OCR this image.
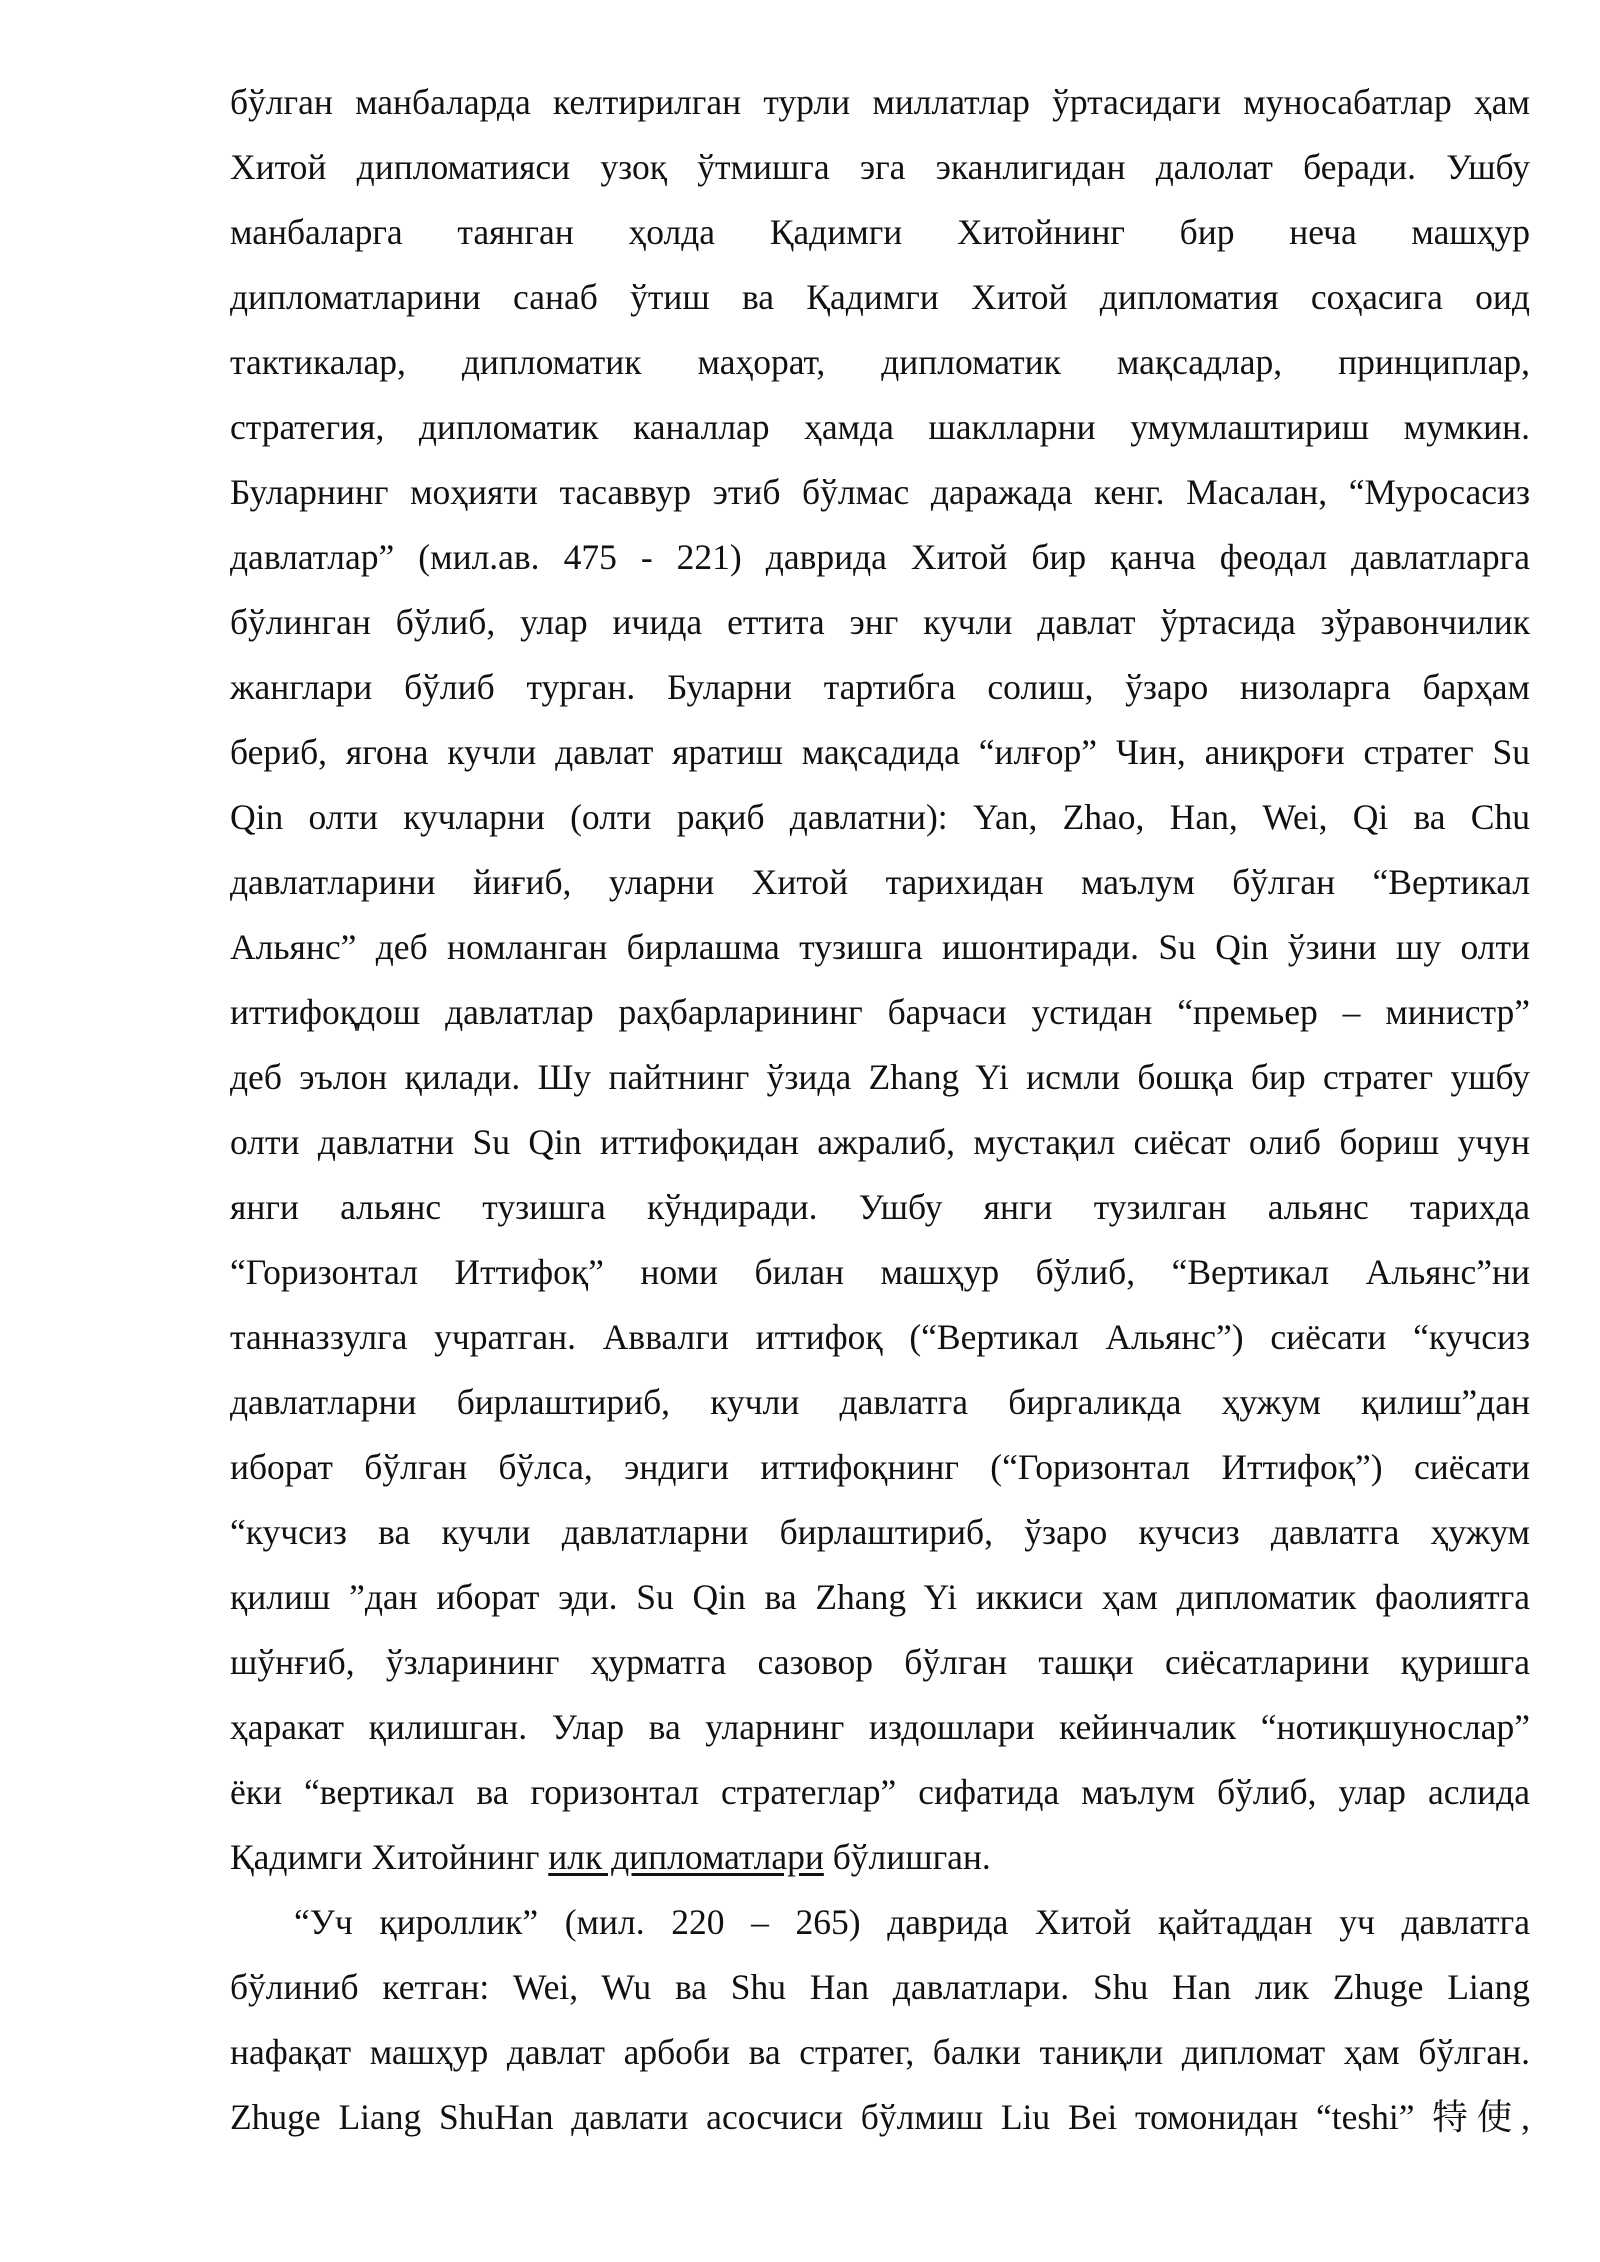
бўлган манбаларда келтирилган турли миллатлар ўртасидаги муносабатлар ҳам
Хитой дипломатияси узоқ ўтмишга эга эканлигидан далолат беради. Ушбу
манбаларга таянган ҳолда Қадимги Хитойнинг бир неча машҳур
дипломатларини санаб ўтиш ва Қадимги Хитой дипломатия соҳасига оид
тактикалар, дипломатик маҳорат, дипломатик мақсадлар, принциплар,
стратегия, дипломатик каналлар ҳамда шаклларни умумлаштириш мумкин.
Буларнинг моҳияти тасаввур этиб бўлмас даражада кенг. Масалан, “Муросасиз
давлатлар” (мил.ав. 475 - 221) даврида Хитой бир қанча феодал давлатларга
бўлинган бўлиб, улар ичида еттита энг кучли давлат ўртасида зўравончилик
жанглари бўлиб турган. Буларни тартибга солиш, ўзаро низоларга барҳам
бериб, ягона кучли давлат яратиш мақсадида “илғор” Чин, аниқроғи стратег Su
Qin олти кучларни (олти рақиб давлатни): Yan, Zhao, Han, Wei, Qi ва Chu
давлатларини йиғиб, уларни Хитой тарихидан маълум бўлган “Вертикал
Альянс” деб номланган бирлашма тузишга ишонтиради. Su Qin ўзини шу олти
иттифоқдош давлатлар раҳбарларининг барчаси устидан “премьер – министр”
деб эълон қилади. Шу пайтнинг ўзида Zhang Yi исмли бошқа бир стратег ушбу
олти давлатни Su Qin иттифоқидан ажралиб, мустақил сиёсат олиб бориш учун
янги альянс тузишга кўндиради. Ушбу янги тузилган альянс тарихда
“Горизонтал Иттифоқ” номи билан машҳур бўлиб, “Вертикал Альянс”ни
танназзулга учратган. Аввалги иттифоқ (“Вертикал Альянс”) сиёсати “кучсиз
давлатларни бирлаштириб, кучли давлатга биргаликда ҳужум қилиш”дан
иборат бўлган бўлса, эндиги иттифоқнинг (“Горизонтал Иттифоқ”) сиёсати
“кучсиз ва кучли давлатларни бирлаштириб, ўзаро кучсиз давлатга ҳужум
қилиш ”дан иборат эди. Su Qin ва Zhang Yi иккиси ҳам дипломатик фаолиятга
шўнғиб, ўзларининг ҳурматга сазовор бўлган ташқи сиёсатларини қуришга
ҳаракат қилишган. Улар ва уларнинг издошлари кейинчалик “нотиқшунослар”
ёки “вертикал ва горизонтал стратеглар” сифатида маълум бўлиб, улар аслида
Қадимги Хитойнинг илк дипломатлари бўлишган.
“Уч қироллик” (мил. 220 – 265) даврида Хитой қайтаддан уч давлатга
бўлиниб кетган: Wei, Wu ва Shu Han давлатлари. Shu Han лик Zhuge Liang
нафақат машҳур давлат арбоби ва стратег, балки таниқли дипломат ҳам бўлган.
Zhuge Liang ShuHan давлати асосчиси бўлмиш Liu Bei томонидан “teshi” 特使,
